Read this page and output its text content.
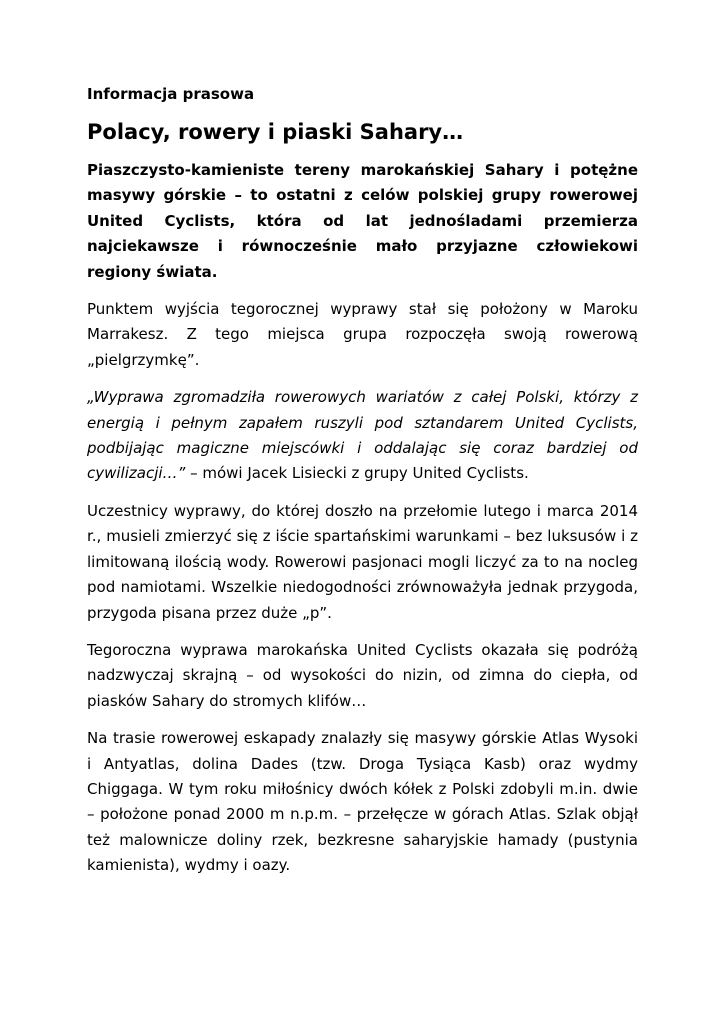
Informacja prasowa
Polacy, rowery i piaski Sahary…

Piaszczysto-kamieniste tereny marokańskiej Sahary i potężne masywy górskie – to ostatni z celów polskiej grupy rowerowej United Cyclists, która od lat jednośladami przemierza najciekawsze i równocześnie mało przyjazne człowiekowi regiony świata.

Punktem wyjścia tegorocznej wyprawy stał się położony w Maroku Marrakesz. Z tego miejsca grupa rozpoczęła swoją rowerową „pielgrzymkę”.

„Wyprawa zgromadziła rowerowych wariatów z całej Polski, którzy z energią i pełnym zapałem ruszyli pod sztandarem United Cyclists, podbijając magiczne miejscówki i oddalając się coraz bardziej od cywilizacji…” – mówi Jacek Lisiecki z grupy United Cyclists.

Uczestnicy wyprawy, do której doszło na przełomie lutego i marca 2014 r., musieli zmierzyć się z iście spartańskimi warunkami – bez luksusów i z limitowaną ilością wody. Rowerowi pasjonaci mogli liczyć za to na nocleg pod namiotami. Wszelkie niedogodności zrównoważyła jednak przygoda, przygoda pisana przez duże „p”.

Tegoroczna wyprawa marokańska United Cyclists okazała się podróżą nadzwyczaj skrajną – od wysokości do nizin, od zimna do ciepła, od piasków Sahary do stromych klifów…

Na trasie rowerowej eskapady znalazły się masywy górskie Atlas Wysoki i Antyatlas, dolina Dades (tzw. Droga Tysiąca Kasb) oraz wydmy Chiggaga. W tym roku miłośnicy dwóch kółek z Polski zdobyli m.in. dwie – położone ponad 2000 m n.p.m. – przełęcze w górach Atlas. Szlak objął też malownicze doliny rzek, bezkresne saharyjskie hamady (pustynia kamienista), wydmy i oazy.
